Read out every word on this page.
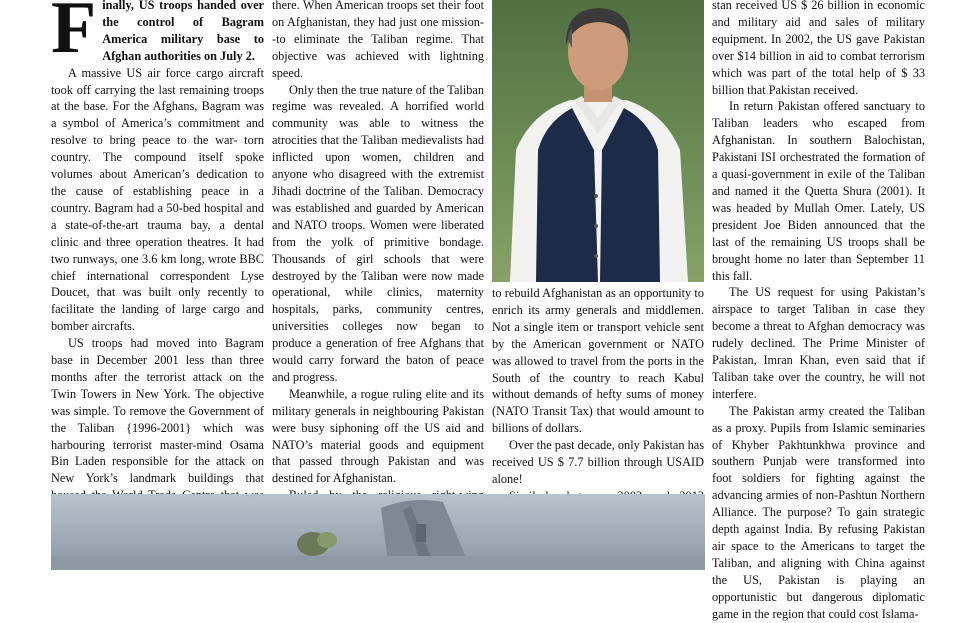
F inally, US troops handed over the control of Bagram America military base to Afghan authorities on July 2.

A massive US air force cargo aircraft took off carrying the last remaining troops at the base. For the Afghans, Bagram was a symbol of America’s commitment and resolve to bring peace to the war- torn country. The compound itself spoke volumes about American’s dedication to the cause of establishing peace in a country. Bagram had a 50-bed hospital and a state-of-the-art trauma bay, a dental clinic and three operation theatres. It had two runways, one 3.6 km long, wrote BBC chief international correspondent Lyse Doucet, that was built only recently to facilitate the landing of large cargo and bomber aircrafts.

US troops had moved into Bagram base in December 2001 less than three months after the terrorist attack on the Twin Towers in New York. The objective was simple. To remove the Government of the Taliban {1996-2001} which was harbouring terrorist master-mind Osama Bin Laden responsible for the attack on New York’s landmark buildings that

there. When American troops set their foot on Afghanistan, they had just one mission--to eliminate the Taliban regime. That objective was achieved with lightning speed.

Only then the true nature of the Taliban regime was revealed. A horrified world community was able to witness the atrocities that the Taliban medievalists had inflicted upon women, children and anyone who disagreed with the extremist Jihadi doctrine of the Taliban. Democracy was established and guarded by American and NATO troops. Women were liberated from the yolk of primitive bondage. Thousands of girl schools that were destroyed by the Taliban were now made operational, while clinics, maternity hospitals, parks, community centres, universities colleges now began to produce a generation of free Afghans that would carry forward the baton of peace and progress.

Meanwhile, a rogue ruling elite and its military generals in neighbouring Pakistan were busy siphoning off the US aid and NATO’s material goods and equipment that passed through Pakistan and was destined for Afghanistan.

to rebuild Afghanistan as an opportunity to enrich its army generals and middlemen. Not a single item or transport vehicle sent by the American government or NATO was allowed to travel from the ports in the South of the country to reach Kabul without demands of hefty sums of money (NATO Transit Tax) that would amount to billions of dollars.

Over the past decade, only Pakistan has received US $ 7.7 billion through USAID alone!

stan received US $ 26 billion in economic and military aid and sales of military equipment. In 2002, the US gave Pakistan over $14 billion in aid to combat terrorism which was part of the total help of $ 33 billion that Pakistan received.

In return Pakistan offered sanctuary to Taliban leaders who escaped from Afghanistan. In southern Balochistan, Pakistani ISI orchestrated the formation of a quasi-government in exile of the Taliban and named it the Quetta Shura (2001). It was headed by Mullah Omer. Lately, US president Joe Biden announced that the last of the remaining US troops shall be brought home no later than September 11 this fall.

The US request for using Pakistan’s airspace to target Taliban in case they become a threat to Afghan democracy was rudely declined. The Prime Minister of Pakistan, Imran Khan, even said that if Taliban take over the country, he will not interfere.

The Pakistan army created the Taliban as a proxy. Pupils from Islamic seminaries of Khyber Pakhtunkhwa province and southern Punjab were transformed into foot soldiers for fighting against the advancing armies of non-Pashtun Northern Alliance. The purpose? To gain strategic depth against India. By refusing Pakistan air space to the Americans to target the Taliban, and aligning with China against the US, Pakistan is playing an opportunistic but dangerous diplomatic game in the region that could cost Islama-
